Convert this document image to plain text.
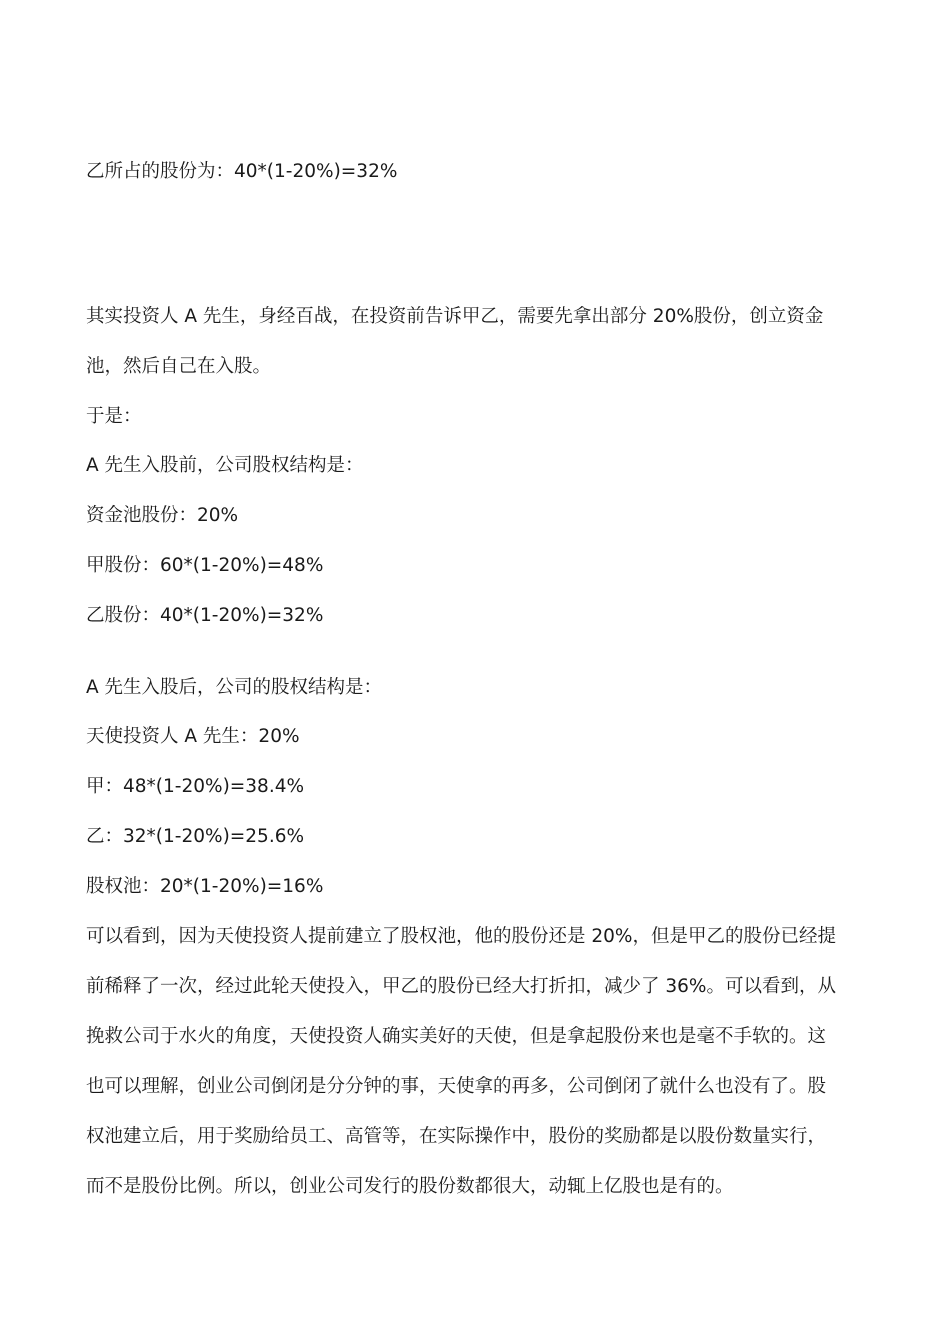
乙所占的股份为：40*(1-20%)=32%
其实投资人 A 先生，身经百战，在投资前告诉甲乙，需要先拿出部分 20%股份，创立资金
池，然后自己在入股。
于是：
A 先生入股前，公司股权结构是：
资金池股份：20%
甲股份：60*(1-20%)=48%
乙股份：40*(1-20%)=32%
A 先生入股后，公司的股权结构是：
天使投资人 A 先生：20%
甲：48*(1-20%)=38.4%
乙：32*(1-20%)=25.6%
股权池：20*(1-20%)=16%
可以看到，因为天使投资人提前建立了股权池，他的股份还是 20%，但是甲乙的股份已经提
前稀释了一次，经过此轮天使投入，甲乙的股份已经大打折扣，减少了 36%。可以看到，从
挽救公司于水火的角度，天使投资人确实美好的天使，但是拿起股份来也是毫不手软的。这
也可以理解，创业公司倒闭是分分钟的事，天使拿的再多，公司倒闭了就什么也没有了。股
权池建立后，用于奖励给员工、高管等，在实际操作中，股份的奖励都是以股份数量实行，
而不是股份比例。所以，创业公司发行的股份数都很大，动辄上亿股也是有的。
